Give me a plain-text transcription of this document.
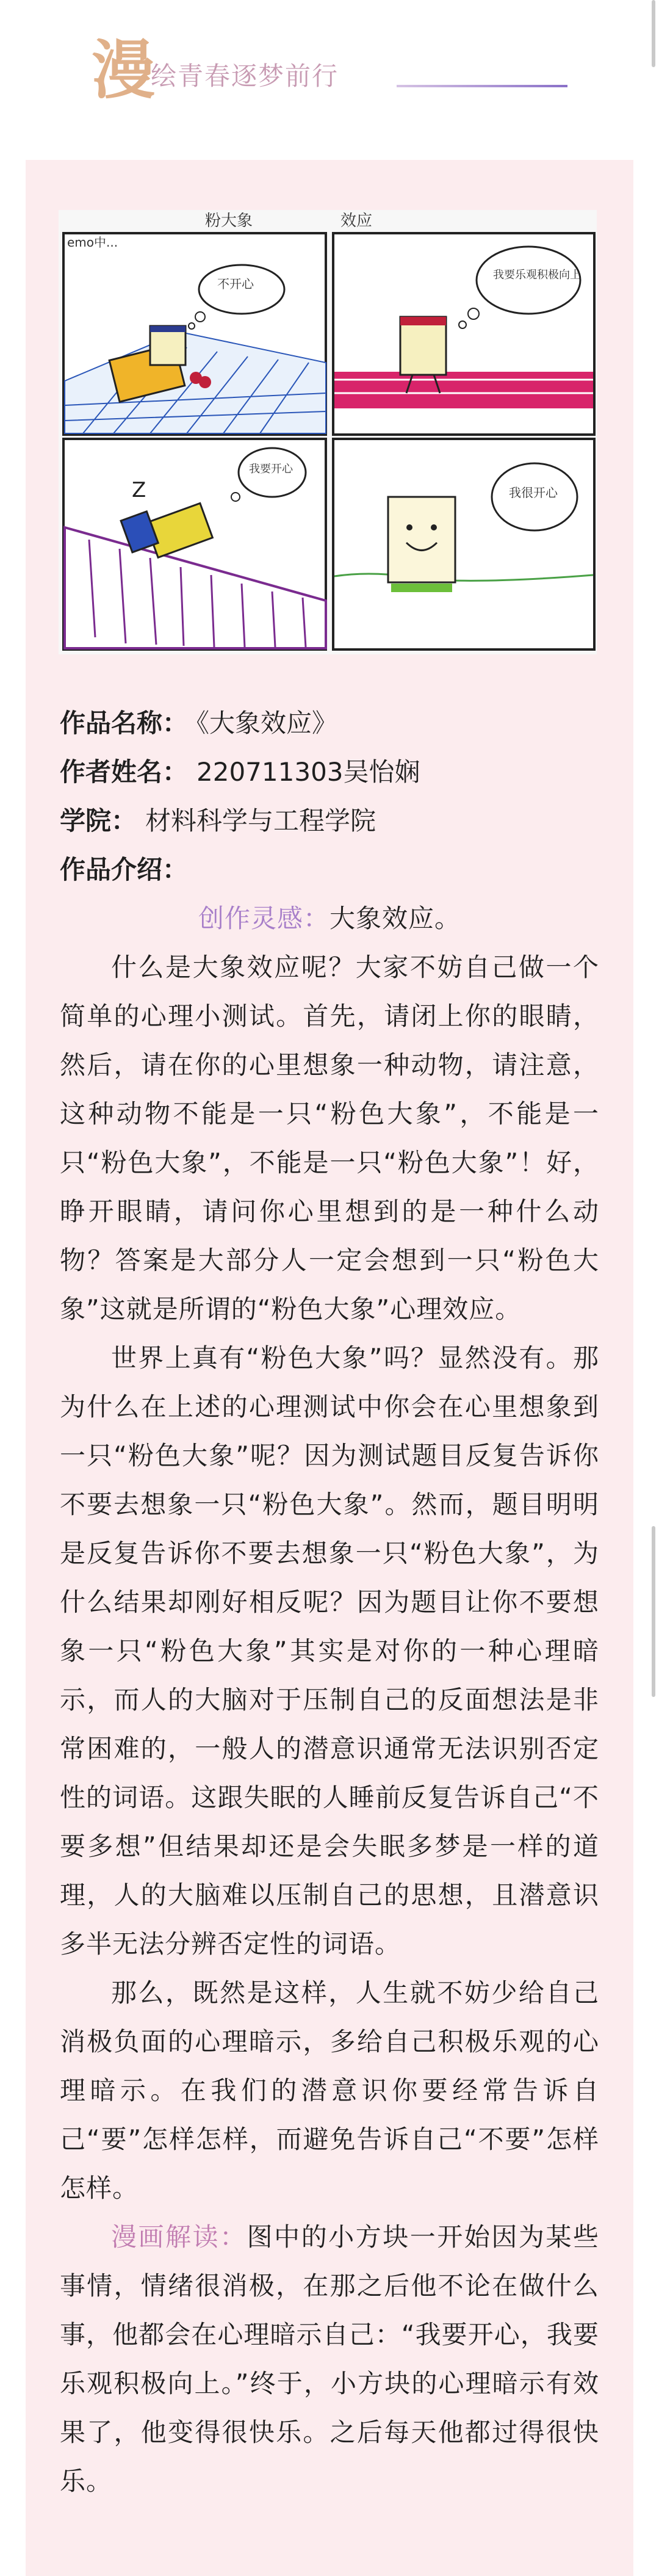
漫
绘青春逐梦前行
粉大象	效应
emo中...
不开心
我要乐观积极向上
Z
我要开心
我很开心
作品名称： 《大象效应》
作者姓名： 220711303吴怡娴
学院： 材料科学与工程学院
作品介绍：

创作灵感：大象效应。

什么是大象效应呢？大家不妨自己做一个简单的心理小测试。首先，请闭上你的眼睛，然后，请在你的心里想象一种动物，请注意，这种动物不能是一只“粉色大象”，不能是一只“粉色大象”，不能是一只“粉色大象”！好，睁开眼睛，请问你心里想到的是一种什么动物？答案是大部分人一定会想到一只“粉色大象”这就是所谓的“粉色大象”心理效应。

世界上真有“粉色大象”吗？显然没有。那为什么在上述的心理测试中你会在心里想象到一只“粉色大象”呢？因为测试题目反复告诉你不要去想象一只“粉色大象”。然而，题目明明是反复告诉你不要去想象一只“粉色大象”，为什么结果却刚好相反呢？因为题目让你不要想象一只“粉色大象”其实是对你的一种心理暗示，而人的大脑对于压制自己的反面想法是非常困难的，一般人的潜意识通常无法识别否定性的词语。这跟失眠的人睡前反复告诉自己“不要多想”但结果却还是会失眠多梦是一样的道理，人的大脑难以压制自己的思想，且潜意识多半无法分辨否定性的词语。

那么，既然是这样，人生就不妨少给自己消极负面的心理暗示，多给自己积极乐观的心理暗示。在我们的潜意识你要经常告诉自己“要”怎样怎样，而避免告诉自己“不要”怎样怎样。

漫画解读：图中的小方块一开始因为某些事情，情绪很消极，在那之后他不论在做什么事，他都会在心理暗示自己：“我要开心，我要乐观积极向上。”终于，小方块的心理暗示有效果了，他变得很快乐。之后每天他都过得很快乐。
